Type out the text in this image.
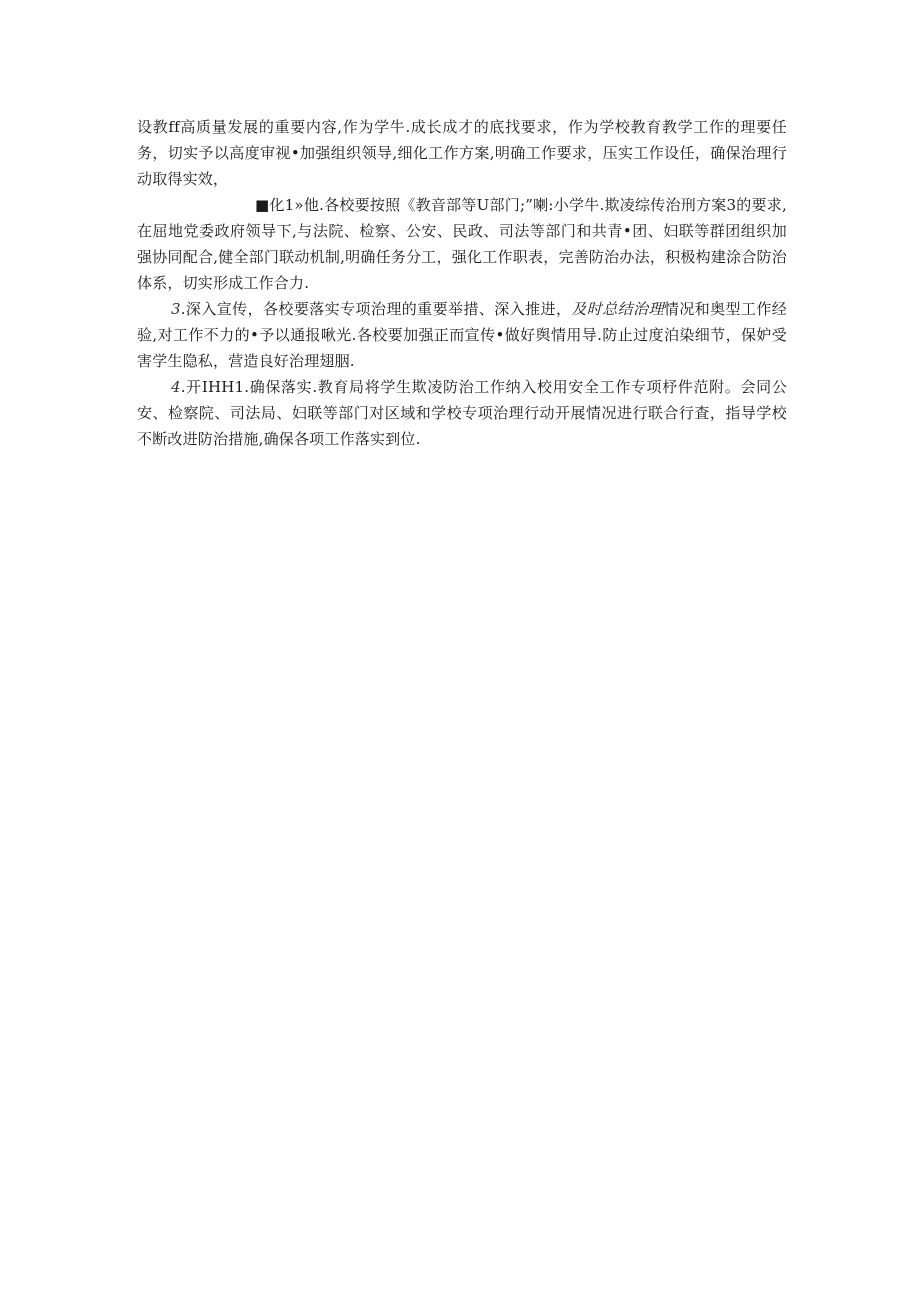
设教ff高质量发展的重要内容,作为学牛.成长成才的底找要求，作为学校教育教学工作的理要任务，切实予以高度审视•加强组织领导,细化工作方案,明确工作要求，压实工作设任，确保治理行动取得实效，

■化1»他.各校要按照《教音部等U部门;”喇:小学牛.欺凌综传治刑方案3的要求,在屈地党委政府领导下,与法院、检察、公安、民政、司法等部门和共青•团、妇联等群团组织加强协同配合,健全部门联动机制,明确任务分工，强化工作职表，完善防治办法，积极构建涂合防治体系，切实形成工作合力.

3.深入宣传，各校要落实专项治理的重要举措、深入推进，及时总结治理情况和奥型工作经验,对工作不力的•予以通报啾光.各校要加强正而宣传•做好舆情用导.防止过度泊染细节，保妒受害学生隐私，营造良好治理翅胭.

4.开IHH1.确保落实.教育局将学生欺凌防治工作纳入校用安全工作专项杼件范附。会同公安、检察院、司法局、妇联等部门对区域和学校专项治理行动开展情况进行联合行査，指导学校不断改进防治措施,确保各项工作落实到位.
